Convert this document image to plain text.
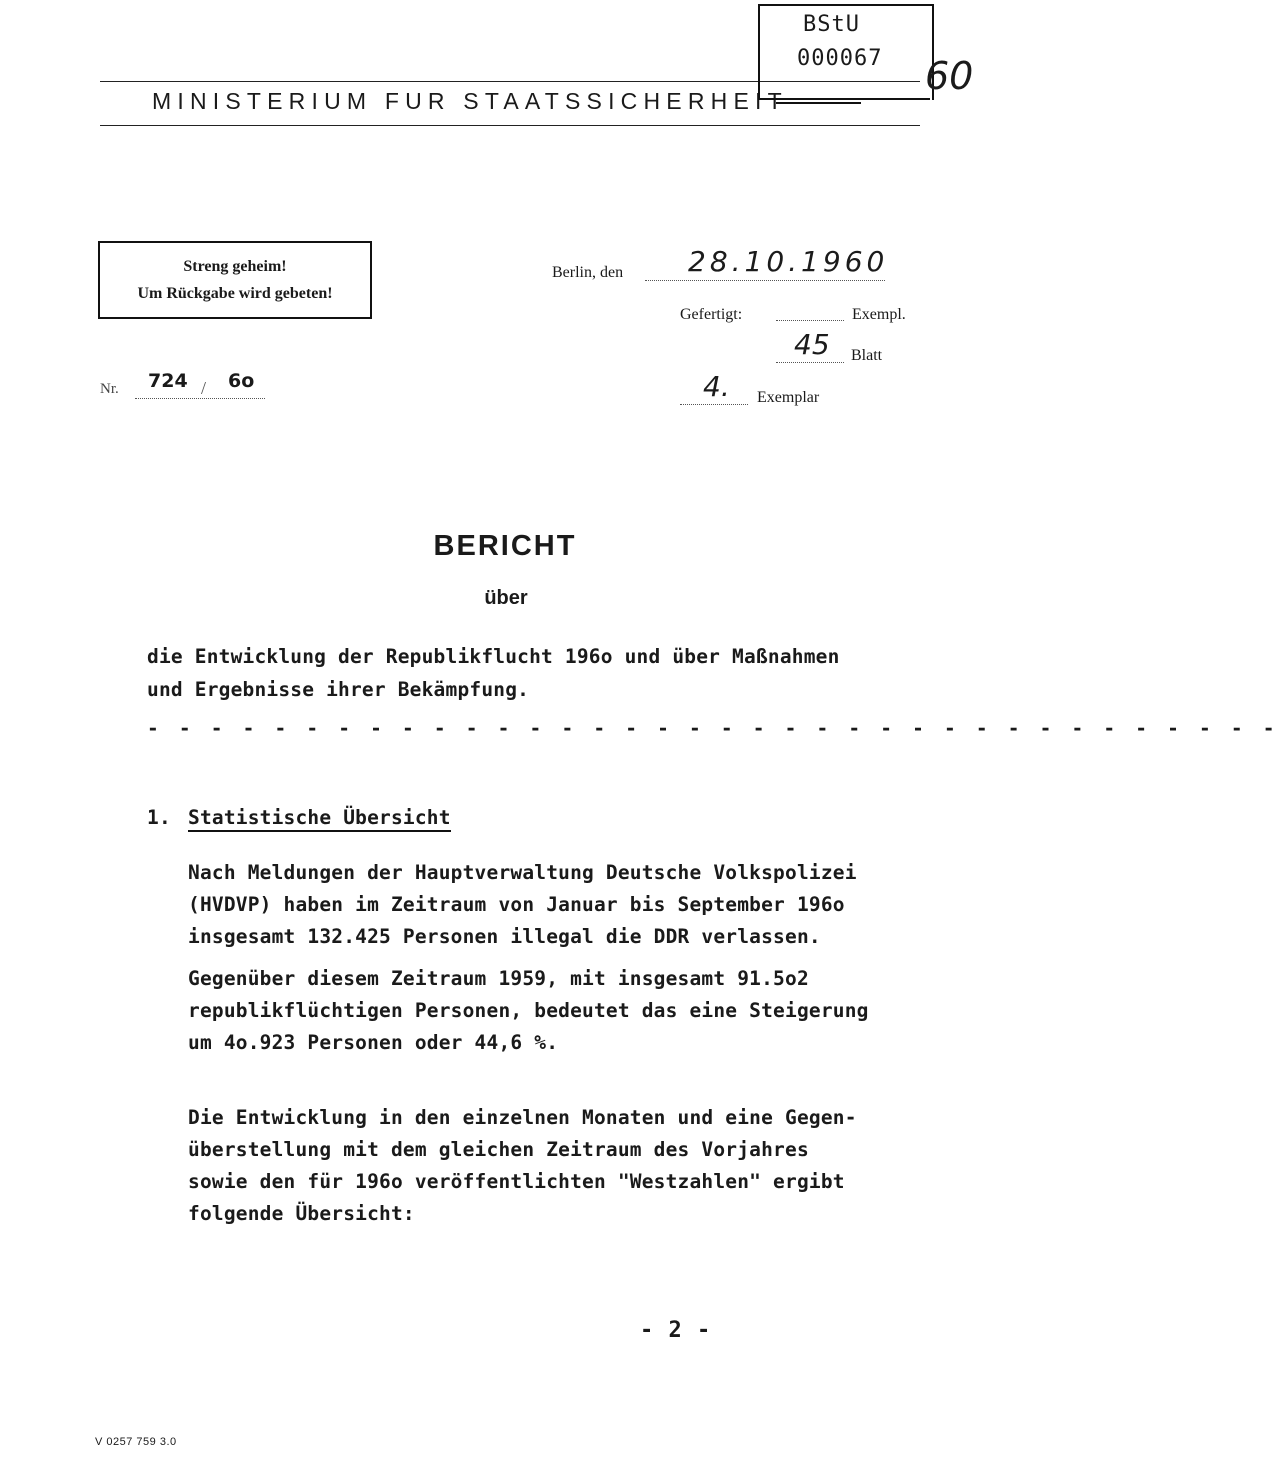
MINISTERIUM FUR STAATSSICHERHEIT
BStU
000067 60
Streng geheim!
Um Rückgabe wird gebeten!
Berlin, den 28.10.1960
Gefertigt:	Exempl.
45 Blatt
4. Exemplar
Nr. 724 / 6o
BERICHT
über
die Entwicklung der Republikflucht 196o und über Maßnahmen
und Ergebnisse ihrer Bekämpfung.
- - - - - - - - - - - - - - - - - - - - - - - - - - - - - - - - - - - -
1. Statistische Übersicht
Nach Meldungen der Hauptverwaltung Deutsche Volkspolizei
(HVDVP) haben im Zeitraum von Januar bis September 196o
insgesamt 132.425 Personen illegal die DDR verlassen.
Gegenüber diesem Zeitraum 1959, mit insgesamt 91.5o2
republikflüchtigen Personen, bedeutet das eine Steigerung
um 4o.923 Personen oder 44,6 %.
Die Entwicklung in den einzelnen Monaten und eine Gegen-
überstellung mit dem gleichen Zeitraum des Vorjahres
sowie den für 196o veröffentlichten "Westzahlen" ergibt
folgende Übersicht:
- 2 -
V 0257 759 3.0
